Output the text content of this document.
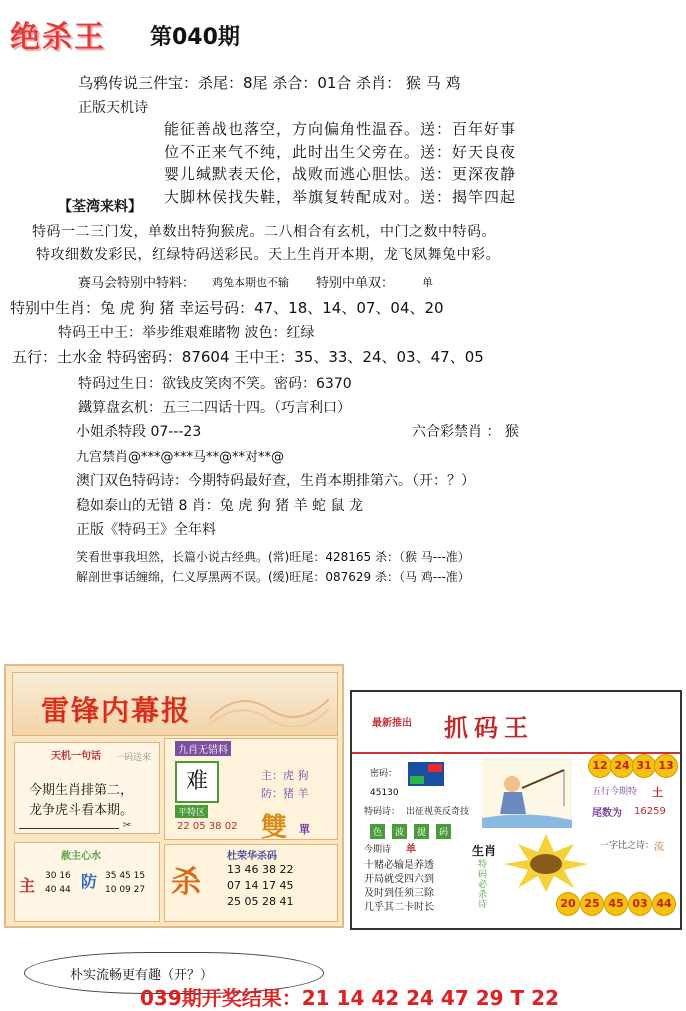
绝杀王 第040期
乌鸦传说三件宝：杀尾：8尾 杀合：01合 杀肖： 猴 马 鸡
正版天机诗
能征善战也落空，方向偏角性温吞。送：百年好事
位不正来气不纯，此时出生父旁在。送：好天良夜
婴儿缄默表天伦，战败而逃心胆怯。送：更深夜静
大脚林侯找失鞋，举旗复转配成对。送：揭竿四起
【荃湾来料】
特码一二三门发，单数出特狗猴虎。二八相合有玄机，中门之数中特码。
特攻细数发彩民，红绿特码送彩民。天上生肖开本期，龙飞凤舞兔中彩。
赛马会特别中特料： 鸡兔本期也不输 特别中单双：	单
特别中生肖：兔 虎 狗 猪 幸运号码：47、18、14、07、04、20
特码王中王：举步维艰难睹物 波色：红绿
五行：土水金 特码密码：87604 王中王：35、33、24、03、47、05
特码过生日：欲钱皮笑肉不笑。密码：6370
鐵算盘玄机：五三二四话十四。（巧言利口）
小姐杀特段 07---23	六合彩禁肖 ： 猴
九宫禁肖@***@***马**@**对**@
澳门双色特码诗：今期特码最好查，生肖本期排第六。（开：？）
稳如泰山的无错 8 肖：兔 虎 狗 猪 羊 蛇 鼠 龙
正版《特码王》全年料
笑看世事我坦然，长篇小说古经典。(常)旺尾：428165 杀：（猴 马---准）
解剖世事话缠绵，仁义厚黑两不误。(缓)旺尾：087629 杀：（马 鸡---准）
雷锋内幕报
天机一句话 一码送来
今期生肖排第二，
龙争虎斗看本期。
✂
九肖无错料
难	主：虎 狗
防：猪 羊
平特区
22 05 38 02 雙 單
赦主心水
主 30 16
40 44 防 35 45 15
10 09 27 杀
杜荣华杀码
13 46 38 22
07 14 17 45
25 05 28 41
最新推出 抓码王
密码：
45130
特码诗： 出征视英反奇技
12 24 31 13
五行今期特 土
尾数为 16259
色	波	提	码
今期诗 单
十赌必输是养透
开局就受四六到
及时到任须三除
几乎其二卡时长
生肖
特码必杀诗
一字比之诗： 流
20 25 45 03 44
朴实流畅更有趣（开？）
039期开奖结果：21 14 42 24 47 29 T 22
